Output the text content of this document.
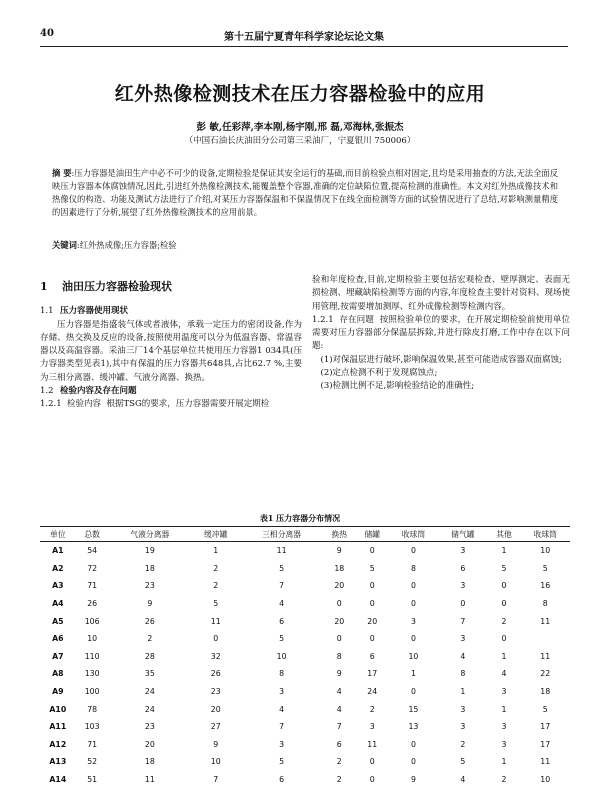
40	第十五届宁夏青年科学家论坛论文集
红外热像检测技术在压力容器检验中的应用
彭 敏,任彩萍,李本刚,杨宇刚,邢 磊,邓海林,张振杰
（中国石油长庆油田分公司第三采油厂，宁夏银川 750006）
摘 要:压力容器是油田生产中必不可少的设备,定期检验是保证其安全运行的基础,而目前检验点相对固定,且均是采用抽查的方法,无法全面反映压力容器本体腐蚀情况,因此,引进红外热像检测技术,能覆盖整个容器,准确的定位缺陷位置,提高检测的准确性。本文对红外热成像技术和热像仪的构造、功能及测试方法进行了介绍,对某压力容器保温和不保温情况下在线全面检测等方面的试验情况进行了总结,对影响测量精度的因素进行了分析,展望了红外热像检测技术的应用前景。
关键词:红外热成像;压力容器;检验
1 油田压力容器检验现状
1.1 压力容器使用现状

压力容器是指盛装气体或者液体，承载一定压力的密闭设备,作为存储、热交换及反应的设备,按照使用温度可以分为低温容器、常温容器以及高温容器。采油三厂14个基层单位共使用压力容器1 034具(压力容器类型见表1),其中有保温的压力容器共648具,占比62.7 %,主要为三相分离器、缓冲罐、气液分离器、换热。

1.2 检验内容及存在问题

1.2.1 检验内容 根据TSG的要求，压力容器需要开展定期检

验和年度检查,目前,定期检验主要包括宏观检查、壁厚测定、表面无损检测、埋藏缺陷检测等方面的内容,年度检查主要针对资料、现场使用管理,按需要增加测厚、红外成像检测等检测内容。

1.2.1 存在问题 按照检验单位的要求，在开展定期检验前使用单位需要对压力容器部分保温层拆除,并进行除皮打磨,工作中存在以下问题:

(1)对保温层进行破坏,影响保温效果,甚至可能造成容器双面腐蚀;

(2)定点检测不利于发现腐蚀点;

(3)检测比例不足,影响检验结论的准确性;

表1 压力容器分布情况
单位	总数	气液分离器	缓冲罐	三相分离器	换热	储罐	收球筒	储气罐	其他	收球筒
A1	54	19	1	11	9	0	0	3	1	10
A2	72	18	2	5	18	5	8	6	5	5
A3	71	23	2	7	20	0	0	3	0	16
A4	26	9	5	4	0	0	0	0	0	8
A5	106	26	11	6	20	20	3	7	2	11
A6	10	2	0	5	0	0	0	3	0	
A7	110	28	32	10	8	6	10	4	1	11
A8	130	35	26	8	9	17	1	8	4	22
A9	100	24	23	3	4	24	0	1	3	18
A10	78	24	20	4	4	2	15	3	1	5
A11	103	23	27	7	7	3	13	3	3	17
A12	71	20	9	3	6	11	0	2	3	17
A13	52	18	10	5	2	0	0	5	1	11
A14	51	11	7	6	2	0	9	4	2	10
